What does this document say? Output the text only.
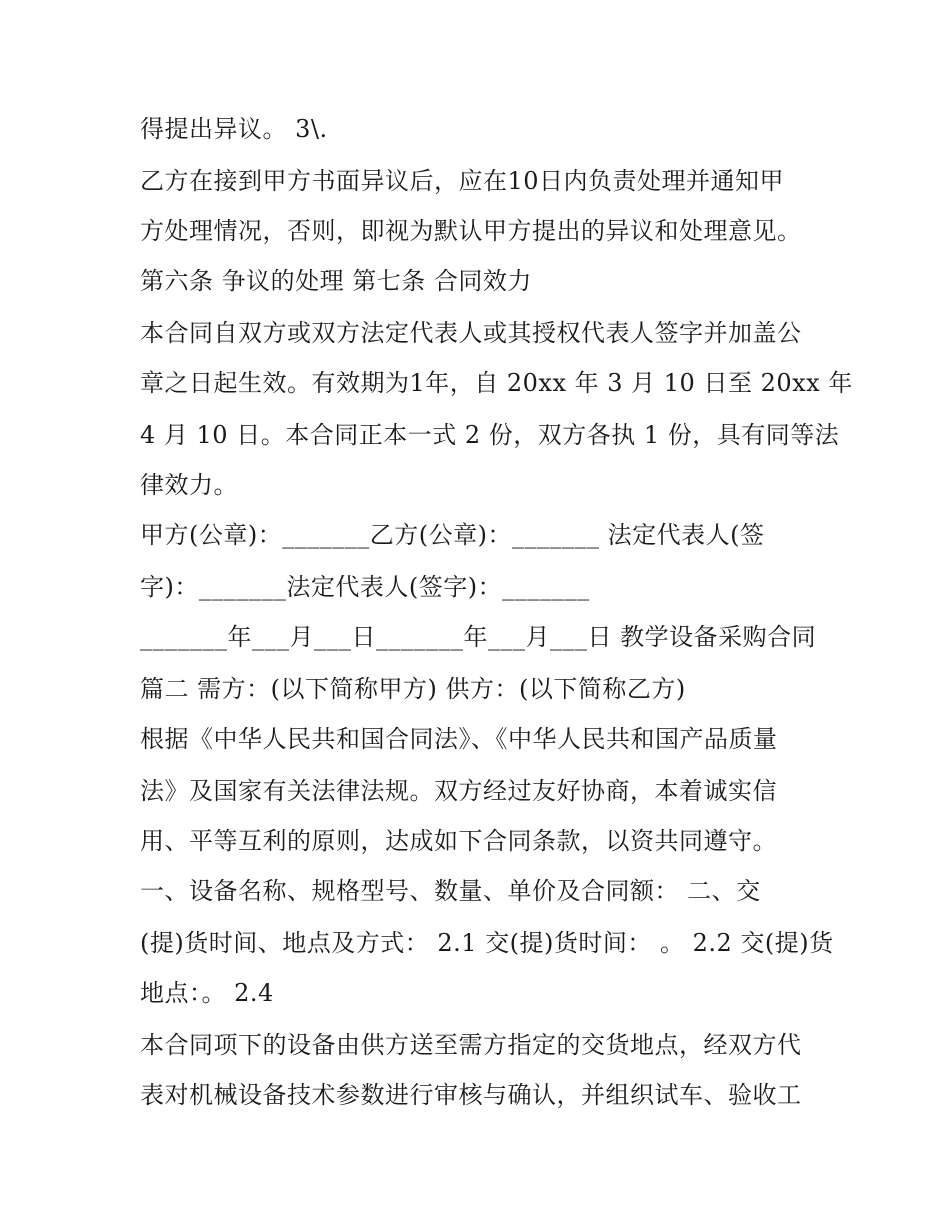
得提出异议。 3\.
乙方在接到甲方书面异议后，应在10日内负责处理并通知甲
方处理情况，否则，即视为默认甲方提出的异议和处理意见。
第六条 争议的处理 第七条 合同效力
本合同自双方或双方法定代表人或其授权代表人签字并加盖公
章之日起生效。有效期为1年，自 20xx 年 3 月 10 日至 20xx 年
4 月 10 日。本合同正本一式 2 份，双方各执 1 份，具有同等法
律效力。
甲方(公章)：_______乙方(公章)：_______ 法定代表人(签
字)：_______法定代表人(签字)：_______
_______年___月___日_______年___月___日 教学设备采购合同
篇二 需方：(以下简称甲方) 供方：(以下简称乙方)
根据《中华人民共和国合同法》、《中华人民共和国产品质量
法》及国家有关法律法规。双方经过友好协商，本着诚实信
用、平等互利的原则，达成如下合同条款，以资共同遵守。
一、设备名称、规格型号、数量、单价及合同额： 二、交
(提)货时间、地点及方式： 2.1 交(提)货时间： 。 2.2 交(提)货
地点：。 2.4
本合同项下的设备由供方送至需方指定的交货地点，经双方代
表对机械设备技术参数进行审核与确认，并组织试车、验收工
